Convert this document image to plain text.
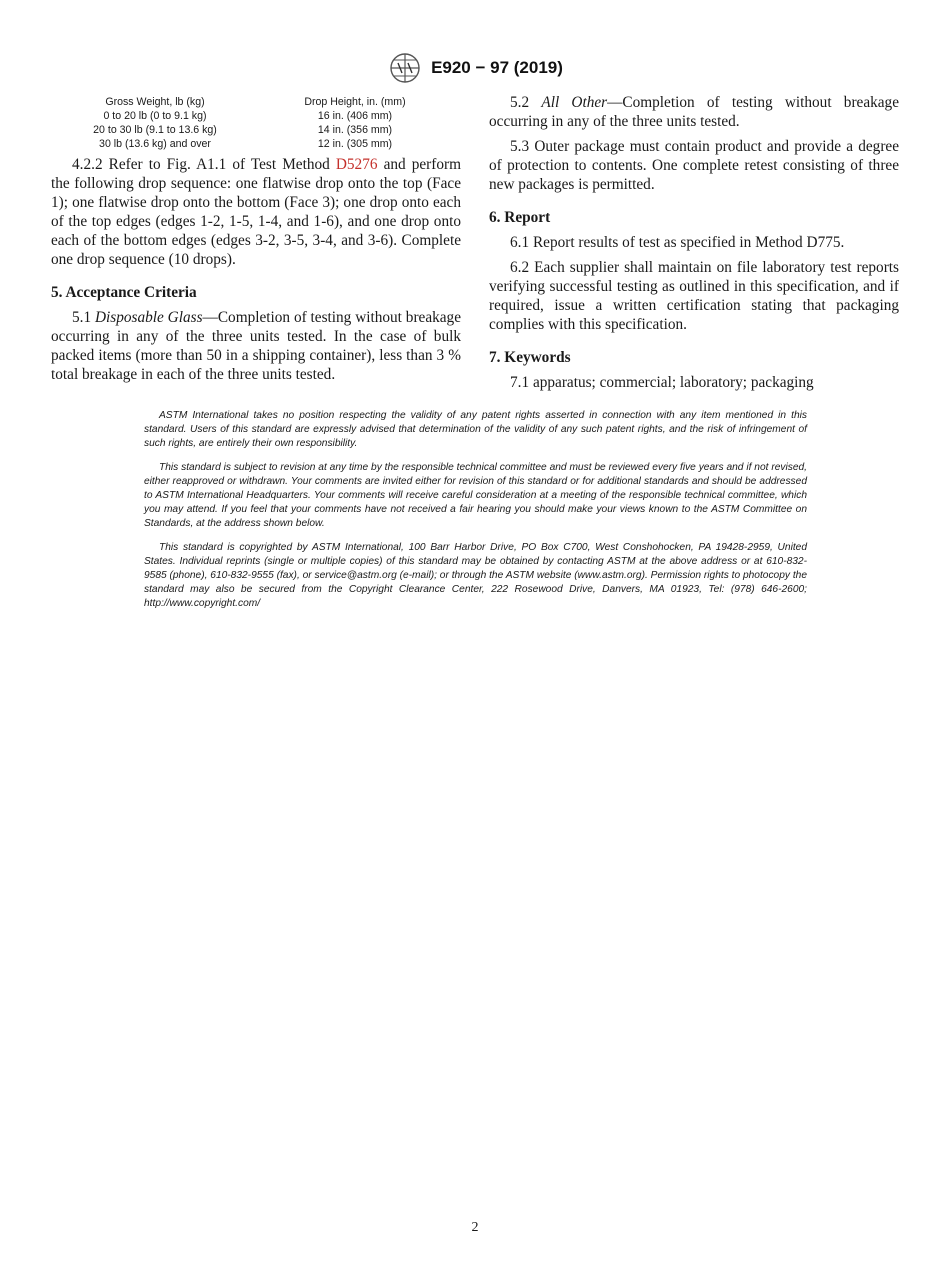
E920 − 97 (2019)
Gross Weight, lb (kg)	Drop Height, in. (mm)
0 to 20 lb (0 to 9.1 kg)	16 in. (406 mm)
20 to 30 lb (9.1 to 13.6 kg)	14 in. (356 mm)
30 lb (13.6 kg) and over	12 in. (305 mm)

4.2.2 Refer to Fig. A1.1 of Test Method D5276 and perform the following drop sequence: one flatwise drop onto the top (Face 1); one flatwise drop onto the bottom (Face 3); one drop onto each of the top edges (edges 1-2, 1-5, 1-4, and 1-6), and one drop onto each of the bottom edges (edges 3-2, 3-5, 3-4, and 3-6). Complete one drop sequence (10 drops).

5. Acceptance Criteria

5.1 Disposable Glass—Completion of testing without breakage occurring in any of the three units tested. In the case of bulk packed items (more than 50 in a shipping container), less than 3 % total breakage in each of the three units tested.

5.2 All Other—Completion of testing without breakage occurring in any of the three units tested.

5.3 Outer package must contain product and provide a degree of protection to contents. One complete retest consisting of three new packages is permitted.

6. Report

6.1 Report results of test as specified in Method D775.

6.2 Each supplier shall maintain on file laboratory test reports verifying successful testing as outlined in this specification, and if required, issue a written certification stating that packaging complies with this specification.

7. Keywords

7.1 apparatus; commercial; laboratory; packaging

ASTM International takes no position respecting the validity of any patent rights asserted in connection with any item mentioned in this standard. Users of this standard are expressly advised that determination of the validity of any such patent rights, and the risk of infringement of such rights, are entirely their own responsibility.

This standard is subject to revision at any time by the responsible technical committee and must be reviewed every five years and if not revised, either reapproved or withdrawn. Your comments are invited either for revision of this standard or for additional standards and should be addressed to ASTM International Headquarters. Your comments will receive careful consideration at a meeting of the responsible technical committee, which you may attend. If you feel that your comments have not received a fair hearing you should make your views known to the ASTM Committee on Standards, at the address shown below.

This standard is copyrighted by ASTM International, 100 Barr Harbor Drive, PO Box C700, West Conshohocken, PA 19428-2959, United States. Individual reprints (single or multiple copies) of this standard may be obtained by contacting ASTM at the above address or at 610-832-9585 (phone), 610-832-9555 (fax), or service@astm.org (e-mail); or through the ASTM website (www.astm.org). Permission rights to photocopy the standard may also be secured from the Copyright Clearance Center, 222 Rosewood Drive, Danvers, MA 01923, Tel: (978) 646-2600; http://www.copyright.com/

2
